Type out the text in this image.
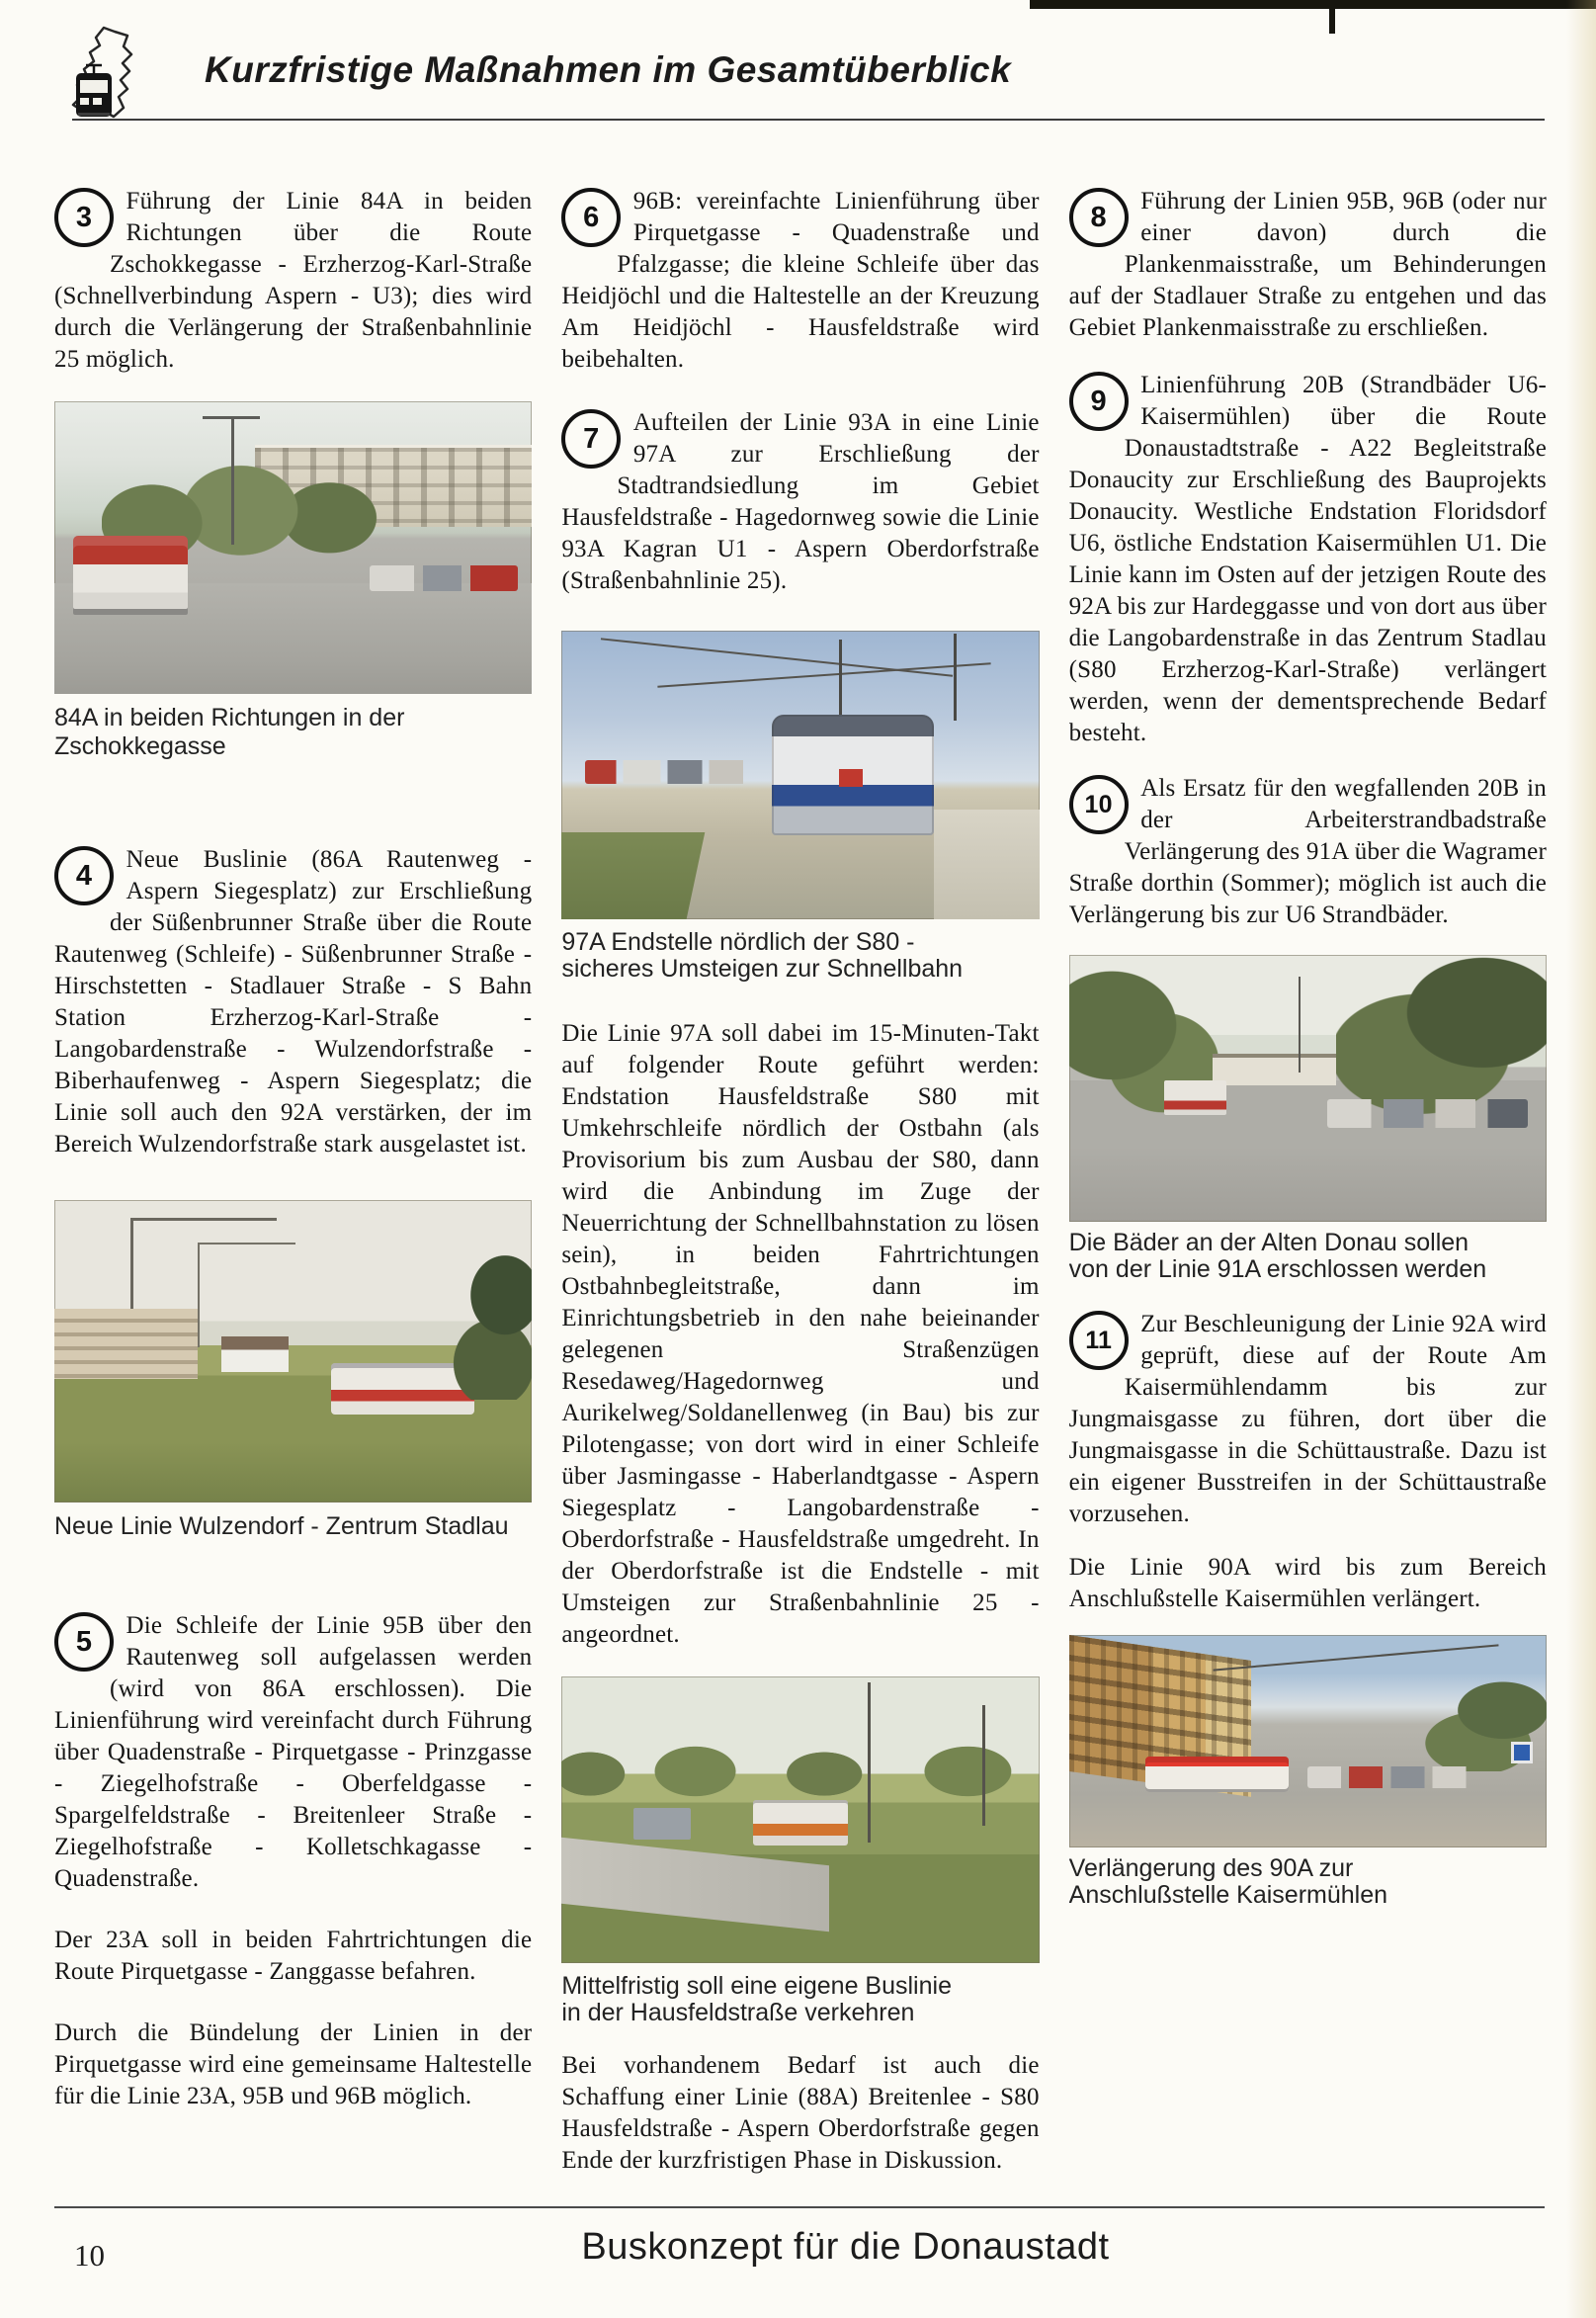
Kurzfristige Maßnahmen im Gesamtüberblick

3
Führung der Linie 84A in beiden Richtungen über die Route Zschokkegasse - Erzherzog-Karl-Straße (Schnellverbindung Aspern - U3); dies wird durch die Verlängerung der Straßenbahnlinie 25 möglich.

84A in beiden Richtungen in der Zschokkegasse

4
Neue Buslinie (86A Rautenweg - Aspern Siegesplatz) zur Erschließung der Süßenbrunner Straße über die Route Rautenweg (Schleife) - Süßenbrunner Straße - Hirschstetten - Stadlauer Straße - S Bahn Station Erzherzog-Karl-Straße - Langobardenstraße - Wulzendorfstraße - Biberhaufenweg - Aspern Siegesplatz; die Linie soll auch den 92A verstärken, der im Bereich Wulzendorfstraße stark ausgelastet ist.

Neue Linie Wulzendorf - Zentrum Stadlau

5
Die Schleife der Linie 95B über den Rautenweg soll aufgelassen werden (wird von 86A erschlossen). Die Linienführung wird vereinfacht durch Führung über Quadenstraße - Pirquetgasse - Prinzgasse - Ziegelhofstraße - Oberfeldgasse - Spargelfeldstraße - Breitenleer Straße - Ziegelhofstraße - Kolletschkagasse - Quadenstraße.

Der 23A soll in beiden Fahrtrichtungen die Route Pirquetgasse - Zanggasse befahren.

Durch die Bündelung der Linien in der Pirquetgasse wird eine gemeinsame Haltestelle für die Linie 23A, 95B und 96B möglich.

6
96B: vereinfachte Linienführung über Pirquetgasse - Quadenstraße und Pfalzgasse; die kleine Schleife über das Heidjöchl und die Haltestelle an der Kreuzung Am Heidjöchl - Hausfeldstraße wird beibehalten.

7
Aufteilen der Linie 93A in eine Linie 97A zur Erschließung der Stadtrandsiedlung im Gebiet Hausfeldstraße - Hagedornweg sowie die Linie 93A Kagran U1 - Aspern Oberdorfstraße (Straßenbahnlinie 25).

97A Endstelle nördlich der S80 -
sicheres Umsteigen zur Schnellbahn

Die Linie 97A soll dabei im 15-Minuten-Takt auf folgender Route geführt werden: Endstation Hausfeldstraße S80 mit Umkehrschleife nördlich der Ostbahn (als Provisorium bis zum Ausbau der S80, dann wird die Anbindung im Zuge der Neuerrichtung der Schnellbahnstation zu lösen sein), in beiden Fahrtrichtungen Ostbahnbegleitstraße, dann im Einrichtungsbetrieb in den nahe beieinander gelegenen Straßenzügen Resedaweg/Hagedornweg und Aurikelweg/Soldanellenweg (in Bau) bis zur Pilotengasse; von dort wird in einer Schleife über Jasmingasse - Haberlandtgasse - Aspern Siegesplatz - Langobardenstraße - Oberdorfstraße - Hausfeldstraße umgedreht. In der Oberdorfstraße ist die Endstelle - mit Umsteigen zur Straßenbahnlinie 25 - angeordnet.

Mittelfristig soll eine eigene Buslinie
in der Hausfeldstraße verkehren

Bei vorhandenem Bedarf ist auch die Schaffung einer Linie (88A) Breitenlee - S80 Hausfeldstraße - Aspern Oberdorfstraße gegen Ende der kurzfristigen Phase in Diskussion.

8
Führung der Linien 95B, 96B (oder nur einer davon) durch die Plankenmaisstraße, um Behinderungen auf der Stadlauer Straße zu entgehen und das Gebiet Plankenmaisstraße zu erschließen.

9
Linienführung 20B (Strandbäder U6-Kaisermühlen) über die Route Donaustadtstraße - A22 Begleitstraße Donaucity zur Erschließung des Bauprojekts Donaucity. Westliche Endstation Floridsdorf U6, östliche Endstation Kaisermühlen U1. Die Linie kann im Osten auf der jetzigen Route des 92A bis zur Hardeggasse und von dort aus über die Langobardenstraße in das Zentrum Stadlau (S80 Erzherzog-Karl-Straße) verlängert werden, wenn der dementsprechende Bedarf besteht.

10
Als Ersatz für den wegfallenden 20B in der Arbeiterstrandbadstraße Verlängerung des 91A über die Wagramer Straße dorthin (Sommer); möglich ist auch die Verlängerung bis zur U6 Strandbäder.

Die Bäder an der Alten Donau sollen
von der Linie 91A erschlossen werden

11
Zur Beschleunigung der Linie 92A wird geprüft, diese auf der Route Am Kaisermühlendamm bis zur Jungmaisgasse zu führen, dort über die Jungmaisgasse in die Schüttaustraße. Dazu ist ein eigener Busstreifen in der Schüttaustraße vorzusehen.

Die Linie 90A wird bis zum Bereich Anschlußstelle Kaisermühlen verlängert.

Verlängerung des 90A zur
Anschlußstelle Kaisermühlen
10	Buskonzept für die Donaustadt
